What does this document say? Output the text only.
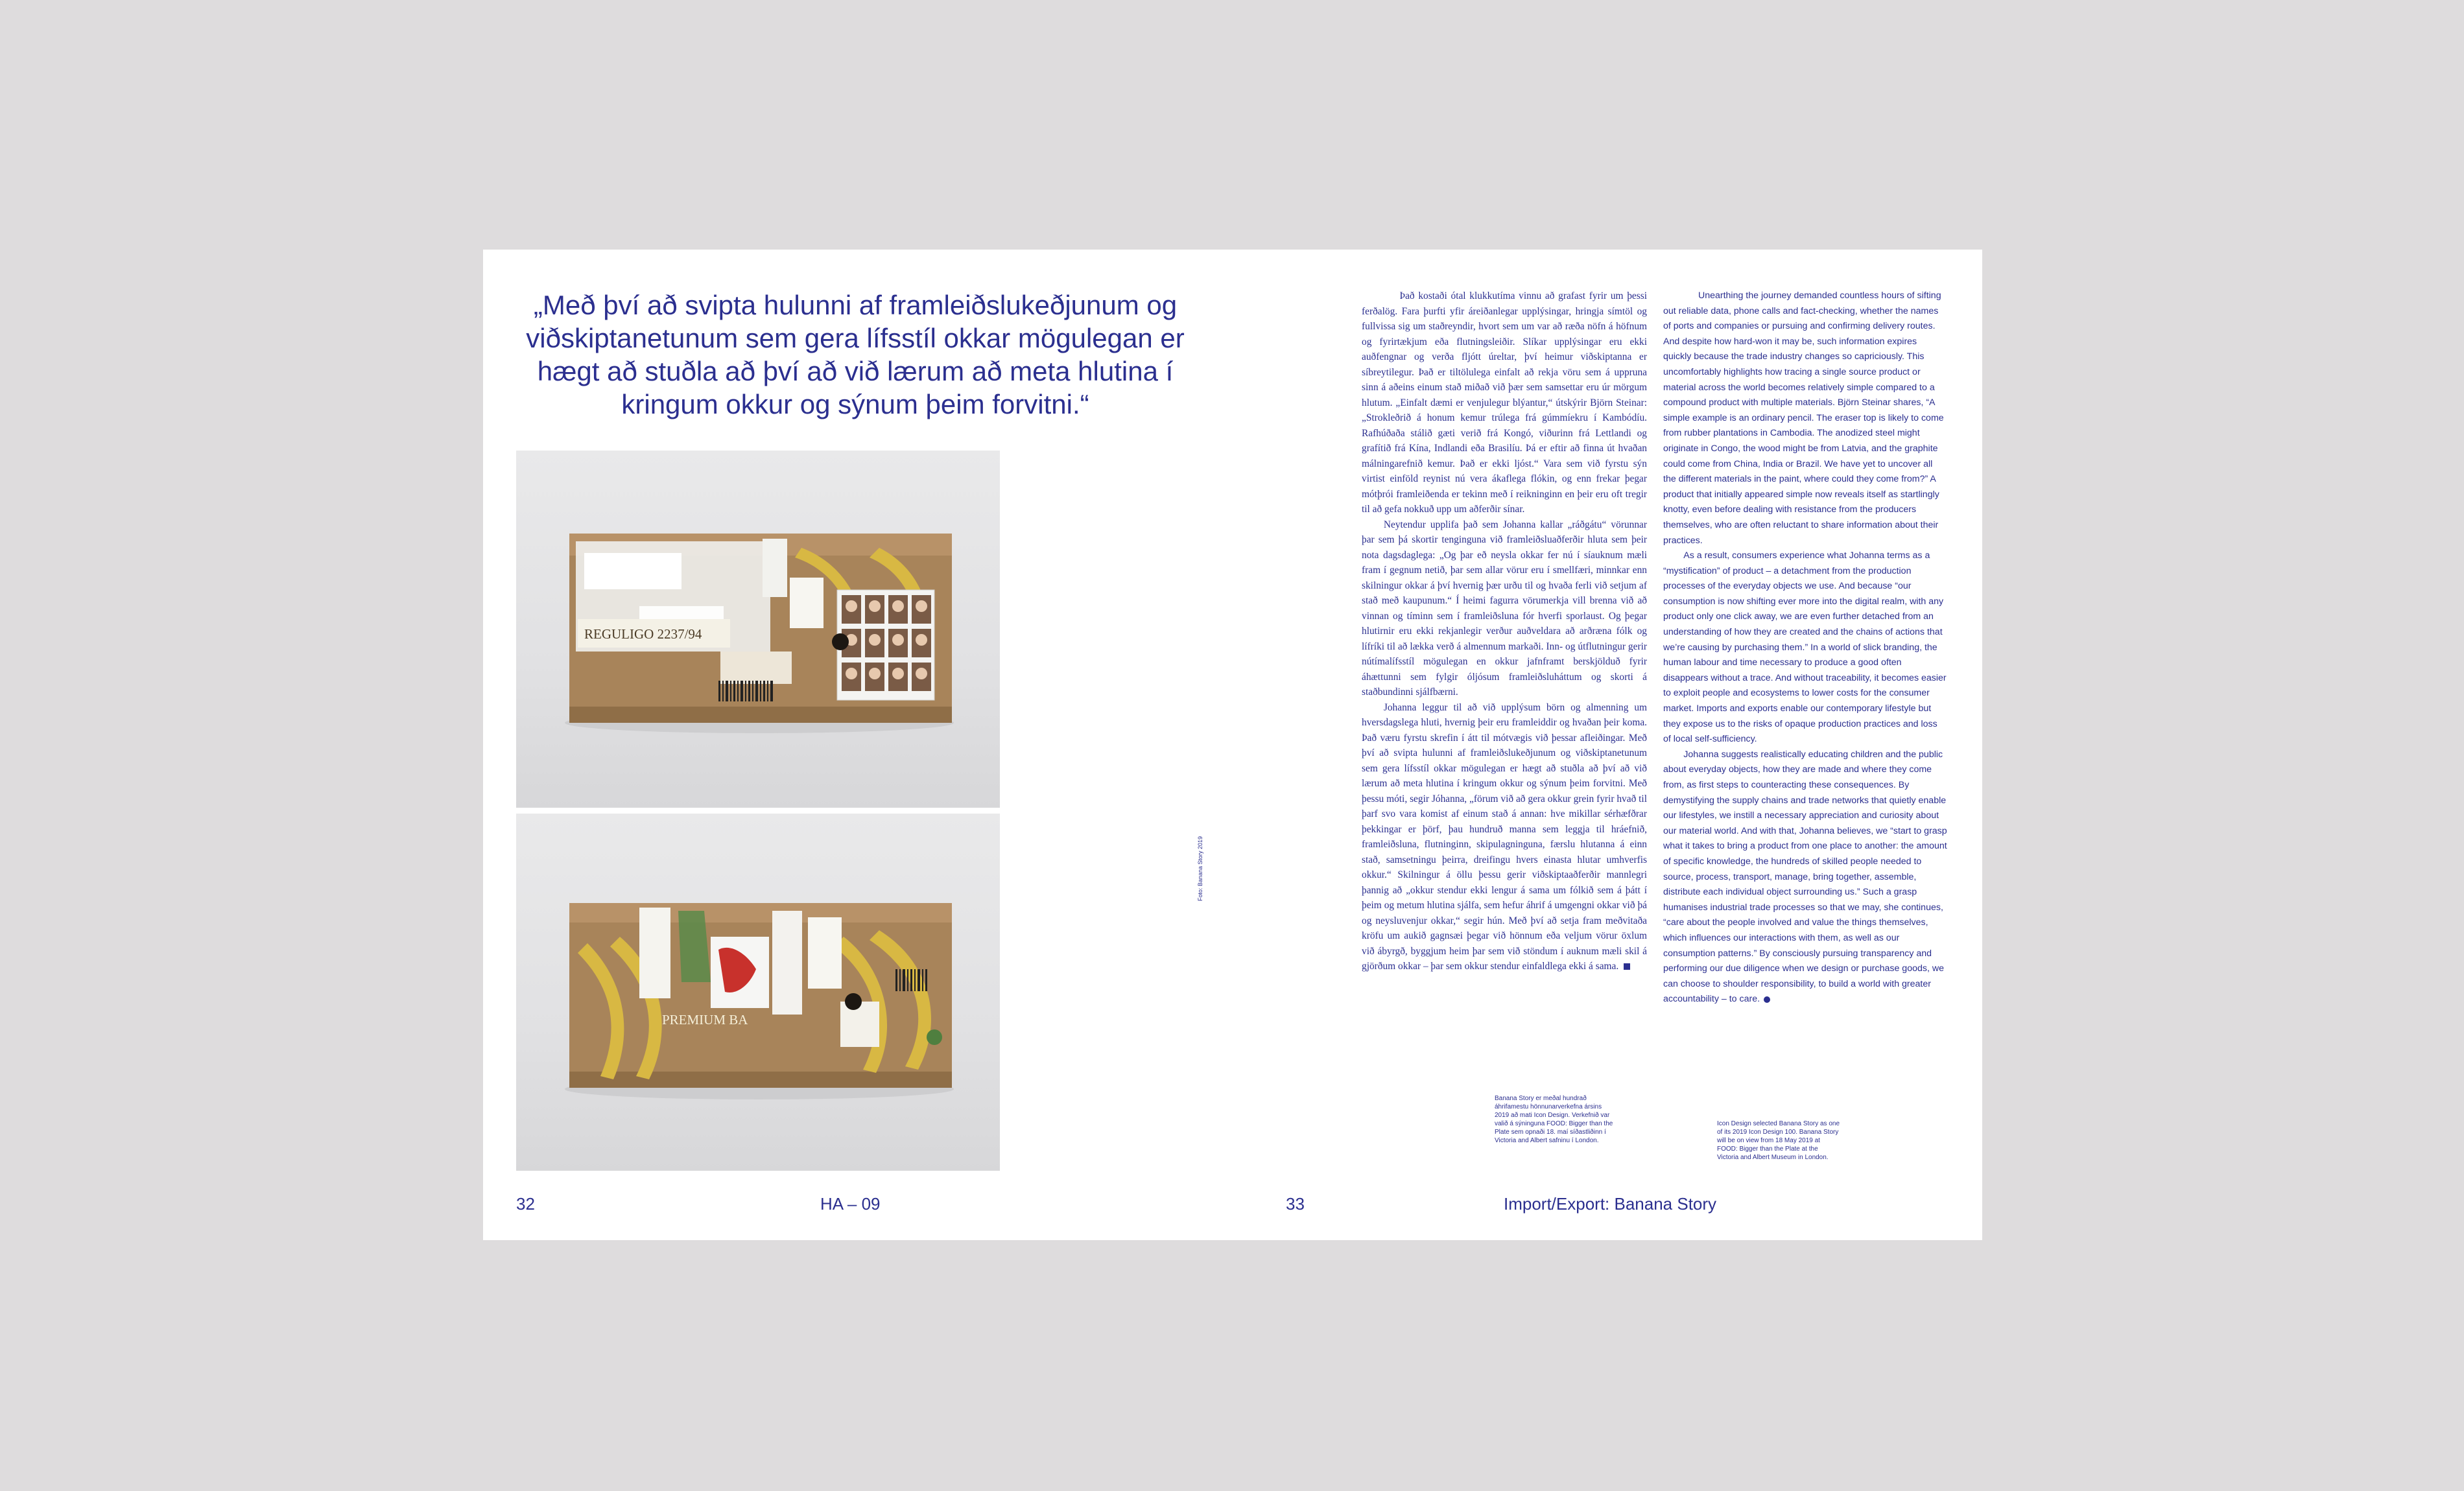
„Með því að svipta hulunni af framleiðslukeðjunum og viðskiptanetunum sem gera lífsstíl okkar mögulegan er hægt að stuðla að því að við lærum að meta hlutina í kringum okkur og sýnum þeim forvitni.“
REGULIGO 2237/94
PREMIUM BA
Foto: Banana Story 2019

Það kostaði ótal klukkutíma vinnu að grafast fyrir um þessi ferðalög. Fara þurfti yfir áreiðanlegar upplýsingar, hringja símtöl og fullvissa sig um staðreyndir, hvort sem um var að ræða nöfn á höfnum og fyrirtækjum eða flutningsleiðir. Slíkar upplýsingar eru ekki auðfengnar og verða fljótt úreltar, því heimur viðskiptanna er síbreytilegur. Það er tiltölulega einfalt að rekja vöru sem á uppruna sinn á aðeins einum stað miðað við þær sem samsettar eru úr mörgum hlutum. „Einfalt dæmi er venjulegur blýantur,“ útskýrir Björn Steinar: „Strokleðrið á honum kemur trúlega frá gúmmíekru í Kambódíu. Rafhúðaða stálið gæti verið frá Kongó, viðurinn frá Lettlandi og grafítið frá Kína, Indlandi eða Brasilíu. Þá er eftir að finna út hvaðan málningarefnið kemur. Það er ekki ljóst.“ Vara sem við fyrstu sýn virtist einföld reynist nú vera ákaflega flókin, og enn frekar þegar mótþrói framleiðenda er tekinn með í reikninginn en þeir eru oft tregir til að gefa nokkuð upp um aðferðir sínar.

Neytendur upplifa það sem Johanna kallar „ráðgátu“ vörunnar þar sem þá skortir tenginguna við framleiðsluaðferðir hluta sem þeir nota dagsdaglega: „Og þar eð neysla okkar fer nú í síauknum mæli fram í gegnum netið, þar sem allar vörur eru í smellfæri, minnkar enn skilningur okkar á því hvernig þær urðu til og hvaða ferli við setjum af stað með kaupunum.“ Í heimi fagurra vörumerkja vill brenna við að vinnan og tíminn sem í framleiðsluna fór hverfi sporlaust. Og þegar hlutirnir eru ekki rekjanlegir verður auðveldara að arðræna fólk og lífríki til að lækka verð á almennum markaði. Inn- og útflutningur gerir nútímalífsstíl mögulegan en okkur jafnframt berskjölduð fyrir áhættunni sem fylgir óljósum framleiðsluháttum og skorti á staðbundinni sjálfbærni.

Johanna leggur til að við upplýsum börn og almenning um hversdagslega hluti, hvernig þeir eru framleiddir og hvaðan þeir koma. Það væru fyrstu skrefin í átt til mótvægis við þessar afleiðingar. Með því að svipta hulunni af framleiðslukeðjunum og viðskiptanetunum sem gera lífsstíl okkar mögulegan er hægt að stuðla að því að við lærum að meta hlutina í kringum okkur og sýnum þeim forvitni. Með þessu móti, segir Jóhanna, „förum við að gera okkur grein fyrir hvað til þarf svo vara komist af einum stað á annan: hve mikillar sérhæfðrar þekkingar er þörf, þau hundruð manna sem leggja til hráefnið, framleiðsluna, flutninginn, skipulagninguna, færslu hlutanna á einn stað, samsetningu þeirra, dreifingu hvers einasta hlutar umhverfis okkur.“ Skilningur á öllu þessu gerir viðskiptaaðferðir mannlegri þannig að „okkur stendur ekki lengur á sama um fólkið sem á þátt í þeim og metum hlutina sjálfa, sem hefur áhrif á umgengni okkar við þá og neysluvenjur okkar,“ segir hún. Með því að setja fram meðvitaða kröfu um aukið gagnsæi þegar við hönnum eða veljum vörur öxlum við ábyrgð, byggjum heim þar sem við stöndum í auknum mæli skil á gjörðum okkar – þar sem okkur stendur einfaldlega ekki á sama.

Unearthing the journey demanded countless hours of sifting out reliable data, phone calls and fact-checking, whether the names of ports and companies or pursuing and confirming delivery routes. And despite how hard-won it may be, such information expires quickly because the trade industry changes so capriciously. This uncomfortably highlights how tracing a single source product or material across the world becomes relatively simple compared to a compound product with multiple materials. Björn Steinar shares, “A simple example is an ordinary pencil. The eraser top is likely to come from rubber plantations in Cambodia. The anodized steel might originate in Congo, the wood might be from Latvia, and the graphite could come from China, India or Brazil. We have yet to uncover all the different materials in the paint, where could they come from?” A product that initially appeared simple now reveals itself as startlingly knotty, even before dealing with resistance from the producers themselves, who are often reluctant to share information about their practices.

As a result, consumers experience what Johanna terms as a “mystification” of product – a detachment from the production processes of the everyday objects we use. And because “our consumption is now shifting ever more into the digital realm, with any product only one click away, we are even further detached from an understanding of how they are created and the chains of actions that we’re causing by purchasing them.” In a world of slick branding, the human labour and time necessary to produce a good often disappears without a trace. And without traceability, it becomes easier to exploit people and ecosystems to lower costs for the consumer market. Imports and exports enable our contemporary lifestyle but they expose us to the risks of opaque production practices and loss of local self-sufficiency.

Johanna suggests realistically educating children and the public about everyday objects, how they are made and where they come from, as first steps to counteracting these consequences. By demystifying the supply chains and trade networks that quietly enable our lifestyles, we instill a necessary appreciation and curiosity about our material world. And with that, Johanna believes, we “start to grasp what it takes to bring a product from one place to another: the amount of specific knowledge, the hundreds of skilled people needed to source, process, transport, manage, bring together, assemble, distribute each individual object surrounding us.” Such a grasp humanises industrial trade processes so that we may, she continues, “care about the people involved and value the things themselves, which influences our interactions with them, as well as our consumption patterns.” By consciously pursuing transparency and performing our due diligence when we design or purchase goods, we can choose to shoulder responsibility, to build a world with greater accountability – to care.

Banana Story er meðal hundrað áhrifamestu hönnunarverkefna ársins 2019 að mati Icon Design. Verkefnið var valið á sýninguna FOOD: Bigger than the Plate sem opnaði 18. maí síðastliðinn í Victoria and Albert safninu í London.

Icon Design selected Banana Story as one of its 2019 Icon Design 100. Banana Story will be on view from 18 May 2019 at FOOD: Bigger than the Plate at the Victoria and Albert Museum in London.

32	HA – 09	33	Import/Export: Banana Story
